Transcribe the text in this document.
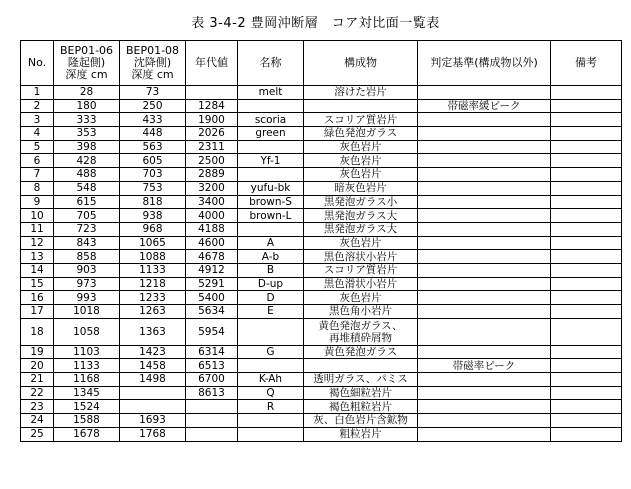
表 3-4-2 豊岡沖断層　コア対比面一覧表
No.	BEP01-06
隆起側)
深度 cm	BEP01-08
沈降側)
深度 cm	年代値	名称	構成物	判定基準(構成物以外)	備考
1	28	73		melt	溶けた岩片		
2	180	250	1284			帯磁率緩ピーク	
3	333	433	1900	scoria	スコリア質岩片		
4	353	448	2026	green	緑色発泡ガラス		
5	398	563	2311		灰色岩片		
6	428	605	2500	Yf-1	灰色岩片		
7	488	703	2889		灰色岩片		
8	548	753	3200	yufu-bk	暗灰色岩片		
9	615	818	3400	brown-S	黒発泡ガラス小		
10	705	938	4000	brown-L	黒発泡ガラス大		
11	723	968	4188		黒発泡ガラス大		
12	843	1065	4600	A	灰色岩片		
13	858	1088	4678	A-b	黒色溶状小岩片		
14	903	1133	4912	B	スコリア質岩片		
15	973	1218	5291	D-up	黒色滑状小岩片		
16	993	1233	5400	D	灰色岩片		
17	1018	1263	5634	E	黒色角小岩片		
18	1058	1363	5954		黄色発泡ガラス、
再堆積砕屑物		
19	1103	1423	6314	G	黄色発泡ガラス		
20	1133	1458	6513			帯磁率ピーク	
21	1168	1498	6700	K-Ah	透明ガラス、パミス		
22	1345		8613	Q	褐色細粒岩片		
23	1524			R	褐色粗粒岩片		
24	1588	1693			灰、白色岩片含鉱物		
25	1678	1768			粗粒岩片		
